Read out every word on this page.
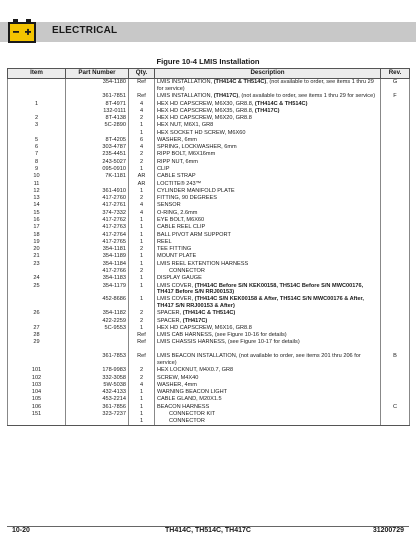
ELECTRICAL
Figure 10-4 LMIS Installation
Item	Part Number	Qty.	Description	Rev.
	354-1180	Ref	LMIS INSTALLATION, (TH414C & TH514C), (not available to order, see items 1 thru 29 for service)	G
	361-7851	Ref	LMIS INSTALLATION, (TH417C), (not available to order, see items 1 thru 29 for service)	F
1	8T-4971	4	HEX HD CAPSCREW, M6X30, GR8.8, (TH414C & TH514C)	
	132-0111	4	HEX HD CAPSCREW, M6X35, GR8.8, (TH417C)	
2	8T-4138	2	HEX HD CAPSCREW, M6X20, GR8.8	
3	5C-2890	1	HEX NUT, M6X1, GR8	
		1	HEX SOCKET HD SCREW, M6X60	
5	8T-4205	6	WASHER, 6mm	
6	303-4787	4	SPRING, LOCKWASHER, 6mm	
7	235-4451	2	RIPP BOLT, M6X16mm	
8	243-5027	2	RIPP NUT, 6mm	
9	095-0910	1	CLIP	
10	7K-1181	AR	CABLE STRAP	
11		AR	LOCTITE® 243™	
12	361-4910	1	CYLINDER MANIFOLD PLATE	
13	417-2760	2	FITTING, 90 DEGREES	
14	417-2761	4	SENSOR	
15	374-7332	4	O-RING, 2.6mm	
16	417-2762	1	EYE BOLT, M6X60	
17	417-2763	1	CABLE REEL CLIP	
18	417-2764	1	BALL PIVOT ARM SUPPORT	
19	417-2765	1	REEL	
20	354-1181	2	TEE FITTING	
21	354-1189	1	MOUNT PLATE	
23	354-1184	1	LMIS REEL EXTENTION HARNESS	
	417-2766	2	CONNECTOR	
24	354-1183	1	DISPLAY GAUGE	
25	354-1179	1	LMIS COVER, (TH414C Before S/N KEK00158, TH514C Before S/N MWC00176, TH417 Before S/N RRJ00153)	
	452-8686	1	LMIS COVER, (TH414C S/N KEK00158 & After, TH514C S/N MWC00176 & After, TH417 S/N RRJ00153 & After)	
26	354-1182	2	SPACER, (TH414C & TH514C)	
	422-2259	2	SPACER, (TH417C)	
27	5C-9553	1	HEX HD CAPSCREW, M6X16, GR8.8	
28		Ref	LMIS CAB HARNESS, (see Figure 10-16 for details)	
29		Ref	LMIS CHASSIS HARNESS, (see Figure 10-17 for details)	

	361-7853	Ref	LMIS BEACON INSTALLATION, (not available to order, see items 201 thru 206 for service)	B
101	178-9983	2	HEX LOCKNUT, M4X0.7, GR8	
102	332-3058	2	SCREW, M4X40	
103	5W-5038	4	WASHER, 4mm	
104	432-4133	1	WARNING BEACON LIGHT	
105	453-2214	1	CABLE GLAND, M20X1.5	
106	361-7856	1	BEACON HARNESS	C
151	323-7237	1	CONNECTOR KIT	
		1	CONNECTOR	
10-20	TH414C, TH514C, TH417C	31200729
